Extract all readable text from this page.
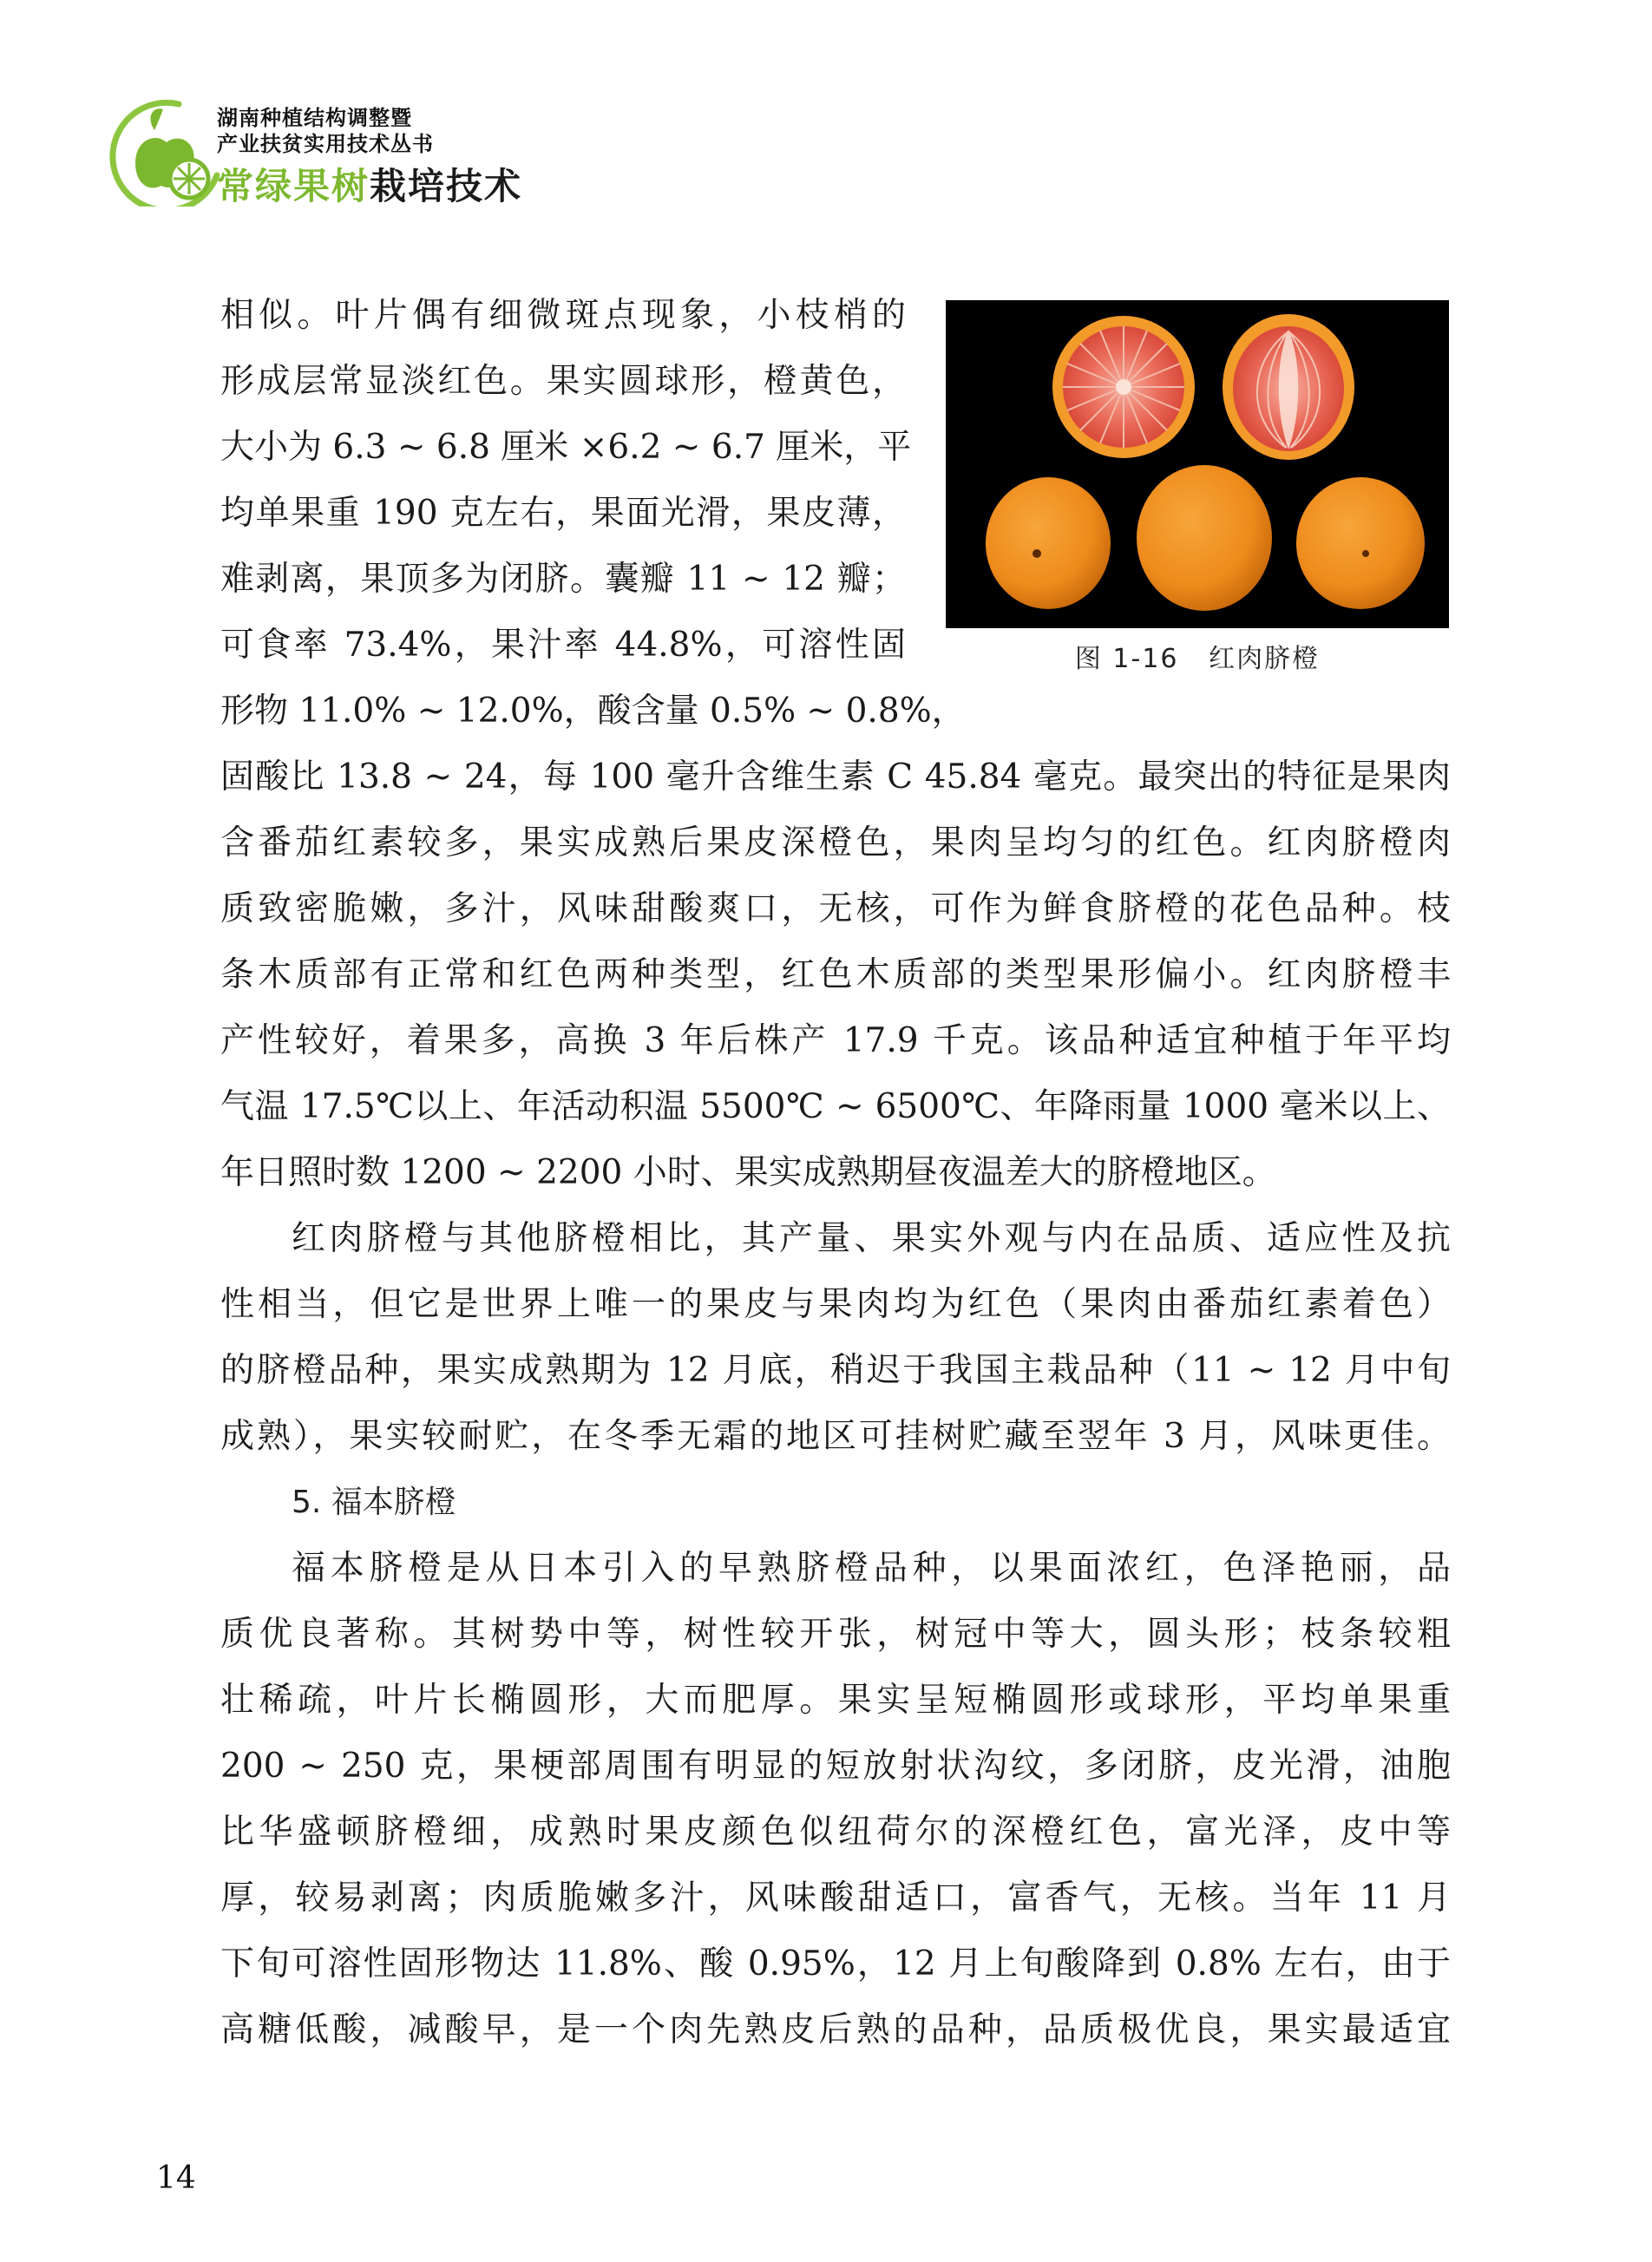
湖南种植结构调整暨
产业扶贫实用技术丛书
常绿果树栽培技术
图 1-16   红肉脐橙
相似。叶片偶有细微斑点现象，小枝梢的
形成层常显淡红色。果实圆球形，橙黄色，
大小为 6.3 ~ 6.8 厘米 ×6.2 ~ 6.7 厘米，平
均单果重 190 克左右，果面光滑，果皮薄，
难剥离，果顶多为闭脐。囊瓣 11 ~ 12 瓣；
可食率 73.4%，果汁率 44.8%，可溶性固
形物 11.0% ~ 12.0%，酸含量 0.5% ~ 0.8%，
固酸比 13.8 ~ 24，每 100 毫升含维生素 C 45.84 毫克。最突出的特征是果肉
含番茄红素较多，果实成熟后果皮深橙色，果肉呈均匀的红色。红肉脐橙肉
质致密脆嫩，多汁，风味甜酸爽口，无核，可作为鲜食脐橙的花色品种。枝
条木质部有正常和红色两种类型，红色木质部的类型果形偏小。红肉脐橙丰
产性较好，着果多，高换 3 年后株产 17.9 千克。该品种适宜种植于年平均
气温 17.5℃以上、年活动积温 5500℃ ~ 6500℃、年降雨量 1000 毫米以上、
年日照时数 1200 ~ 2200 小时、果实成熟期昼夜温差大的脐橙地区。
红肉脐橙与其他脐橙相比，其产量、果实外观与内在品质、适应性及抗
性相当，但它是世界上唯一的果皮与果肉均为红色（果肉由番茄红素着色）
的脐橙品种，果实成熟期为 12 月底，稍迟于我国主栽品种（11 ~ 12 月中旬
成熟），果实较耐贮，在冬季无霜的地区可挂树贮藏至翌年 3 月，风味更佳。
5. 福本脐橙
福本脐橙是从日本引入的早熟脐橙品种，以果面浓红，色泽艳丽，品
质优良著称。其树势中等，树性较开张，树冠中等大，圆头形；枝条较粗
壮稀疏，叶片长椭圆形，大而肥厚。果实呈短椭圆形或球形，平均单果重
200 ~ 250 克，果梗部周围有明显的短放射状沟纹，多闭脐，皮光滑，油胞
比华盛顿脐橙细，成熟时果皮颜色似纽荷尔的深橙红色，富光泽，皮中等
厚，较易剥离；肉质脆嫩多汁，风味酸甜适口，富香气，无核。当年 11 月
下旬可溶性固形物达 11.8%、酸 0.95%，12 月上旬酸降到 0.8% 左右，由于
高糖低酸，减酸早，是一个肉先熟皮后熟的品种，品质极优良，果实最适宜
14
